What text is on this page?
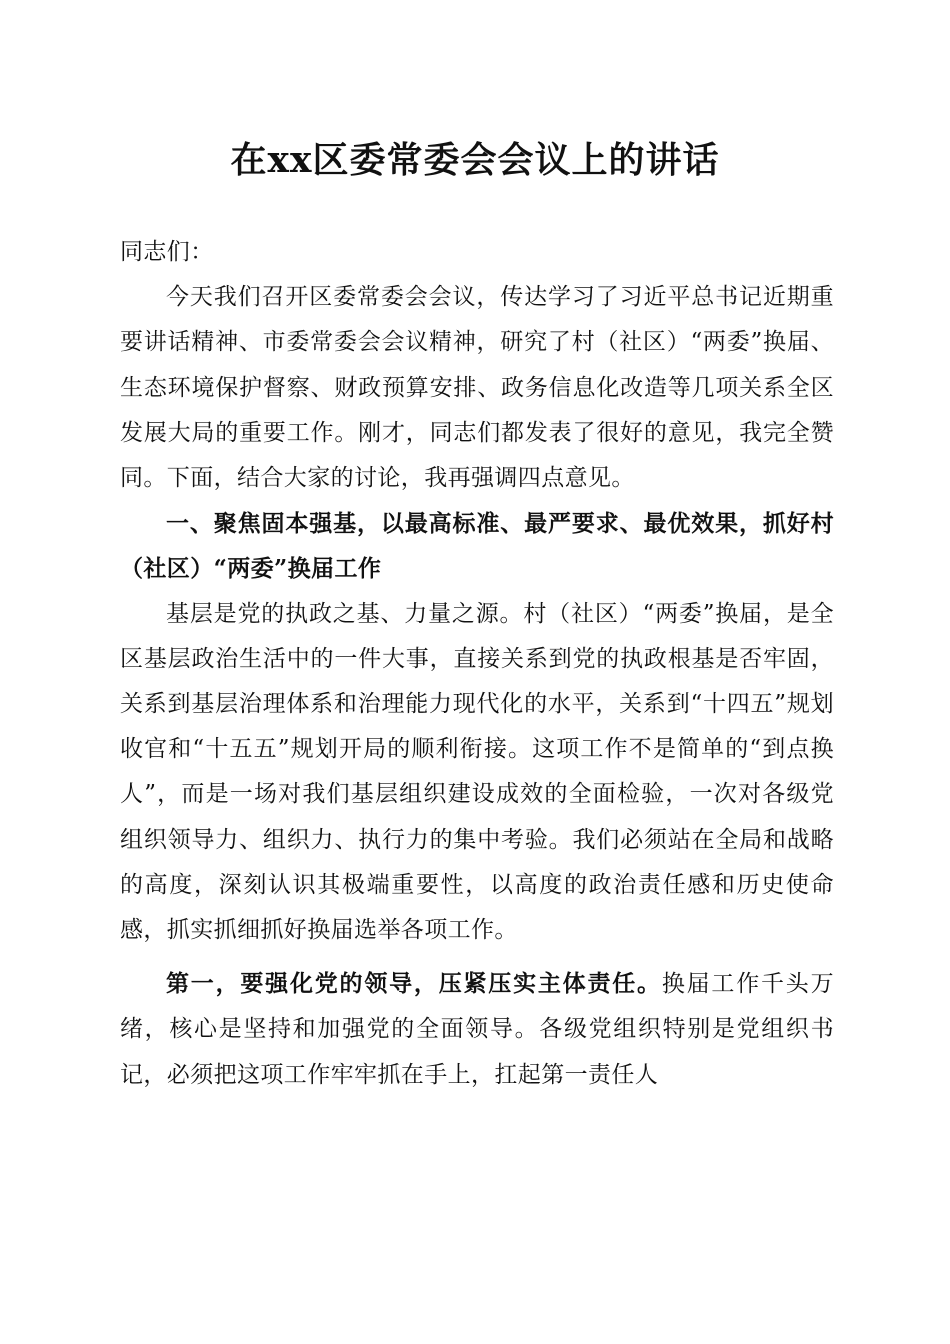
在xx区委常委会会议上的讲话

同志们：

今天我们召开区委常委会会议，传达学习了习近平总书记近期重要讲话精神、市委常委会会议精神，研究了村（社区）“两委”换届、生态环境保护督察、财政预算安排、政务信息化改造等几项关系全区发展大局的重要工作。刚才，同志们都发表了很好的意见，我完全赞同。下面，结合大家的讨论，我再强调四点意见。

一、聚焦固本强基，以最高标准、最严要求、最优效果，抓好村（社区）“两委”换届工作

基层是党的执政之基、力量之源。村（社区）“两委”换届，是全区基层政治生活中的一件大事，直接关系到党的执政根基是否牢固，关系到基层治理体系和治理能力现代化的水平，关系到“十四五”规划收官和“十五五”规划开局的顺利衔接。这项工作不是简单的“到点换人”，而是一场对我们基层组织建设成效的全面检验，一次对各级党组织领导力、组织力、执行力的集中考验。我们必须站在全局和战略的高度，深刻认识其极端重要性，以高度的政治责任感和历史使命感，抓实抓细抓好换届选举各项工作。

第一，要强化党的领导，压紧压实主体责任。换届工作千头万绪，核心是坚持和加强党的全面领导。各级党组织特别是党组织书记，必须把这项工作牢牢抓在手上，扛起第一责任人
